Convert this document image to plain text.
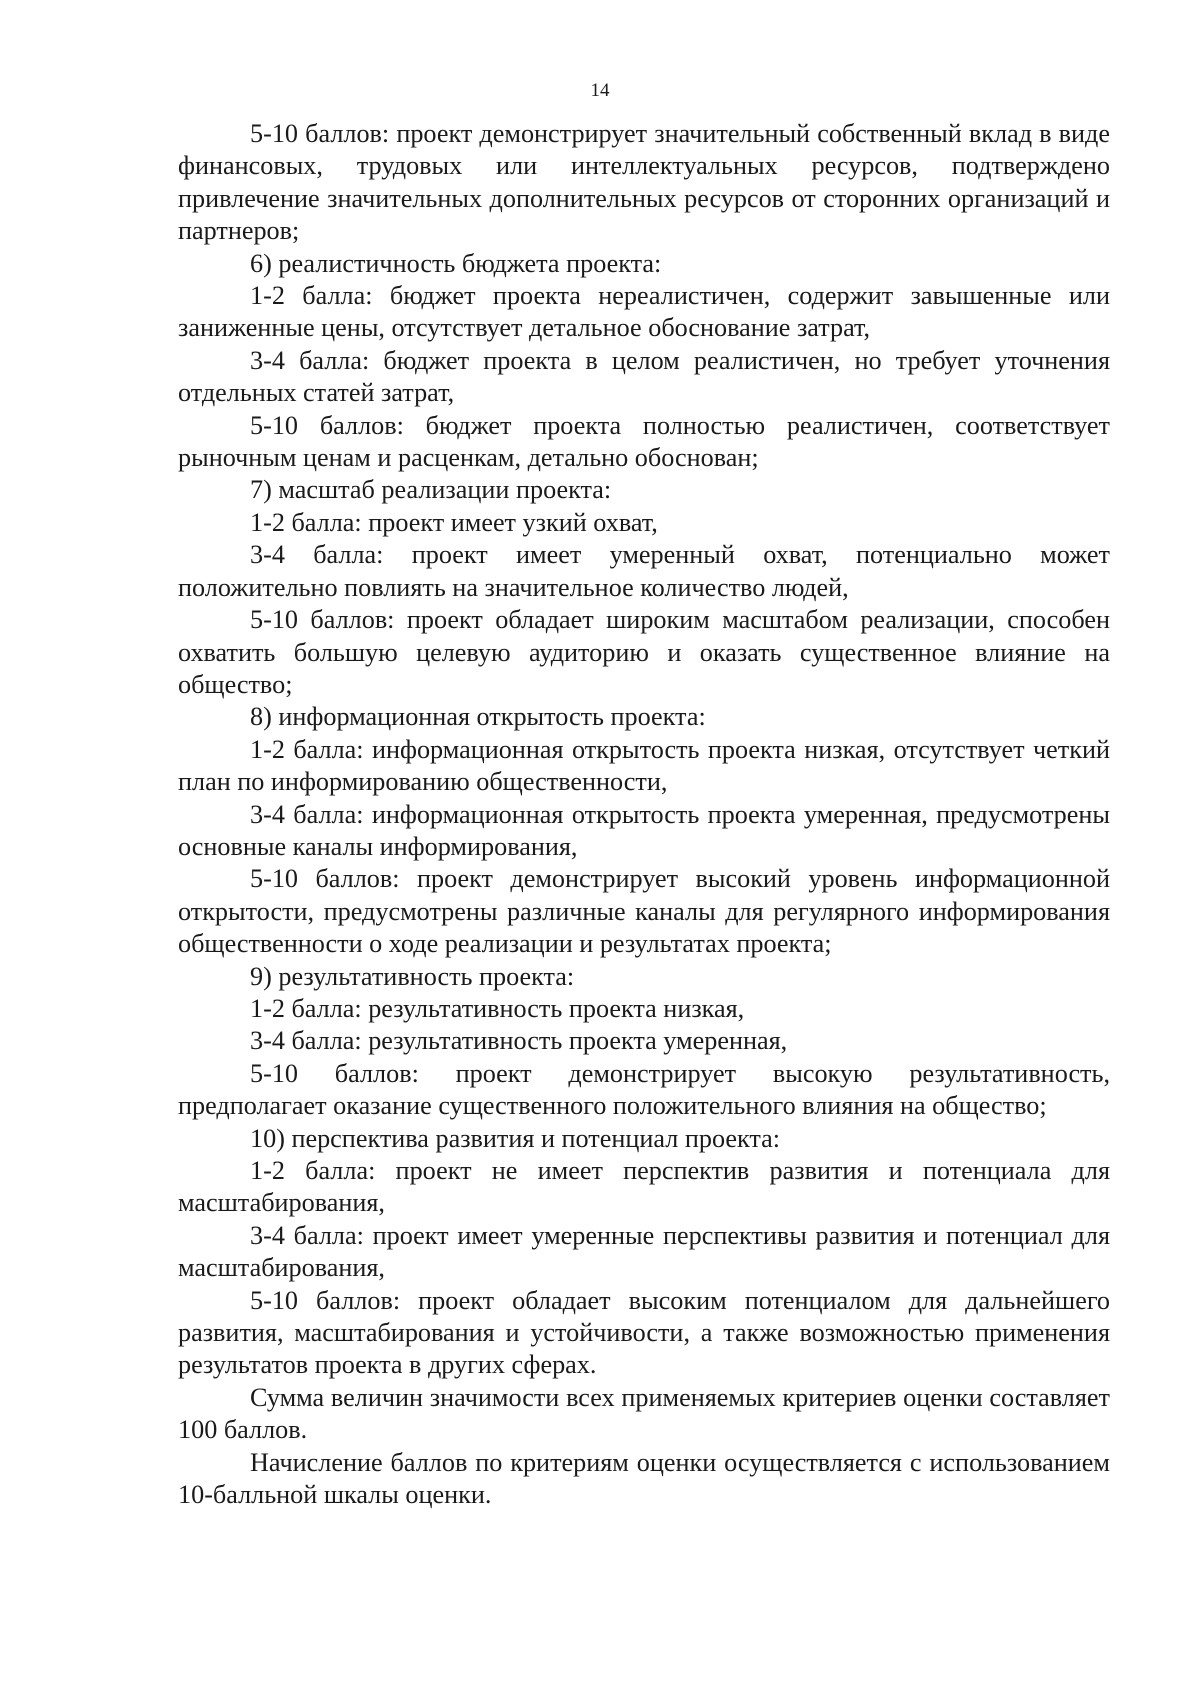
14

5-10 баллов: проект демонстрирует значительный собственный вклад в виде финансовых, трудовых или интеллектуальных ресурсов, подтверждено привлечение значительных дополнительных ресурсов от сторонних организаций и партнеров;

6) реалистичность бюджета проекта:

1-2 балла: бюджет проекта нереалистичен, содержит завышенные или заниженные цены, отсутствует детальное обоснование затрат,

3-4 балла: бюджет проекта в целом реалистичен, но требует уточнения отдельных статей затрат,

5-10 баллов: бюджет проекта полностью реалистичен, соответствует рыночным ценам и расценкам, детально обоснован;

7) масштаб реализации проекта:

1-2 балла: проект имеет узкий охват,

3-4 балла: проект имеет умеренный охват, потенциально может положительно повлиять на значительное количество людей,

5-10 баллов: проект обладает широким масштабом реализации, способен охватить большую целевую аудиторию и оказать существенное влияние на общество;

8) информационная открытость проекта:

1-2 балла: информационная открытость проекта низкая, отсутствует четкий план по информированию общественности,

3-4 балла: информационная открытость проекта умеренная, предусмотрены основные каналы информирования,

5-10 баллов: проект демонстрирует высокий уровень информационной открытости, предусмотрены различные каналы для регулярного информирования общественности о ходе реализации и результатах проекта;

9) результативность проекта:

1-2 балла: результативность проекта низкая,

3-4 балла: результативность проекта умеренная,

5-10 баллов: проект демонстрирует высокую результативность, предполагает оказание существенного положительного влияния на общество;

10) перспектива развития и потенциал проекта:

1-2 балла: проект не имеет перспектив развития и потенциала для масштабирования,

3-4 балла: проект имеет умеренные перспективы развития и потенциал для масштабирования,

5-10 баллов: проект обладает высоким потенциалом для дальнейшего развития, масштабирования и устойчивости, а также возможностью применения результатов проекта в других сферах.

Сумма величин значимости всех применяемых критериев оценки составляет 100 баллов.

Начисление баллов по критериям оценки осуществляется с использованием 10-балльной шкалы оценки.
